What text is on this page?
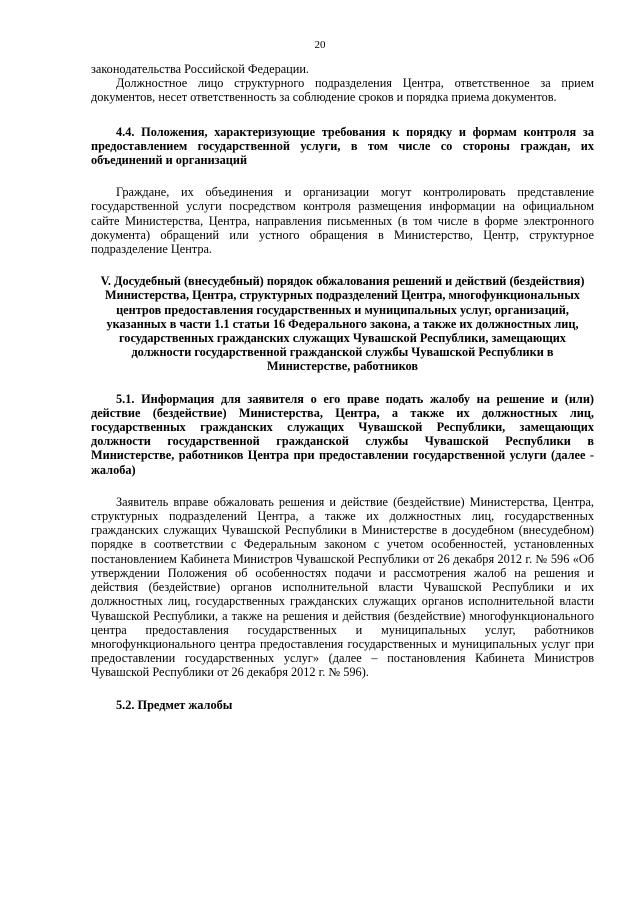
20

законодательства Российской Федерации.

Должностное лицо структурного подразделения Центра, ответственное за прием документов, несет ответственность за соблюдение сроков и порядка приема документов.

4.4. Положения, характеризующие требования к порядку и формам контроля за предоставлением государственной услуги, в том числе со стороны граждан, их объединений и организаций

Граждане, их объединения и организации могут контролировать представление государственной услуги посредством контроля размещения информации на официальном сайте Министерства, Центра, направления письменных (в том числе в форме электронного документа) обращений или устного обращения в Министерство, Центр, структурное подразделение Центра.

V. Досудебный (внесудебный) порядок обжалования решений и действий (бездействия) Министерства, Центра, структурных подразделений Центра, многофункциональных центров предоставления государственных и муниципальных услуг, организаций, указанных в части 1.1 статьи 16 Федерального закона, а также их должностных лиц, государственных гражданских служащих Чувашской Республики, замещающих должности государственной гражданской службы Чувашской Республики в Министерстве, работников

5.1. Информация для заявителя о его праве подать жалобу на решение и (или) действие (бездействие) Министерства, Центра, а также их должностных лиц, государственных гражданских служащих Чувашской Республики, замещающих должности государственной гражданской службы Чувашской Республики в Министерстве, работников Центра при предоставлении государственной услуги (далее - жалоба)

Заявитель вправе обжаловать решения и действие (бездействие) Министерства, Центра, структурных подразделений Центра, а также их должностных лиц, государственных гражданских служащих Чувашской Республики в Министерстве в досудебном (внесудебном) порядке в соответствии с Федеральным законом с учетом особенностей, установленных постановлением Кабинета Министров Чувашской Республики от 26 декабря 2012 г. № 596 «Об утверждении Положения об особенностях подачи и рассмотрения жалоб на решения и действия (бездействие) органов исполнительной власти Чувашской Республики и их должностных лиц, государственных гражданских служащих органов исполнительной власти Чувашской Республики, а также на решения и действия (бездействие) многофункционального центра предоставления государственных и муниципальных услуг, работников многофункционального центра предоставления государственных и муниципальных услуг при предоставлении государственных услуг» (далее – постановления Кабинета Министров Чувашской Республики от 26 декабря 2012 г. № 596).

5.2. Предмет жалобы
